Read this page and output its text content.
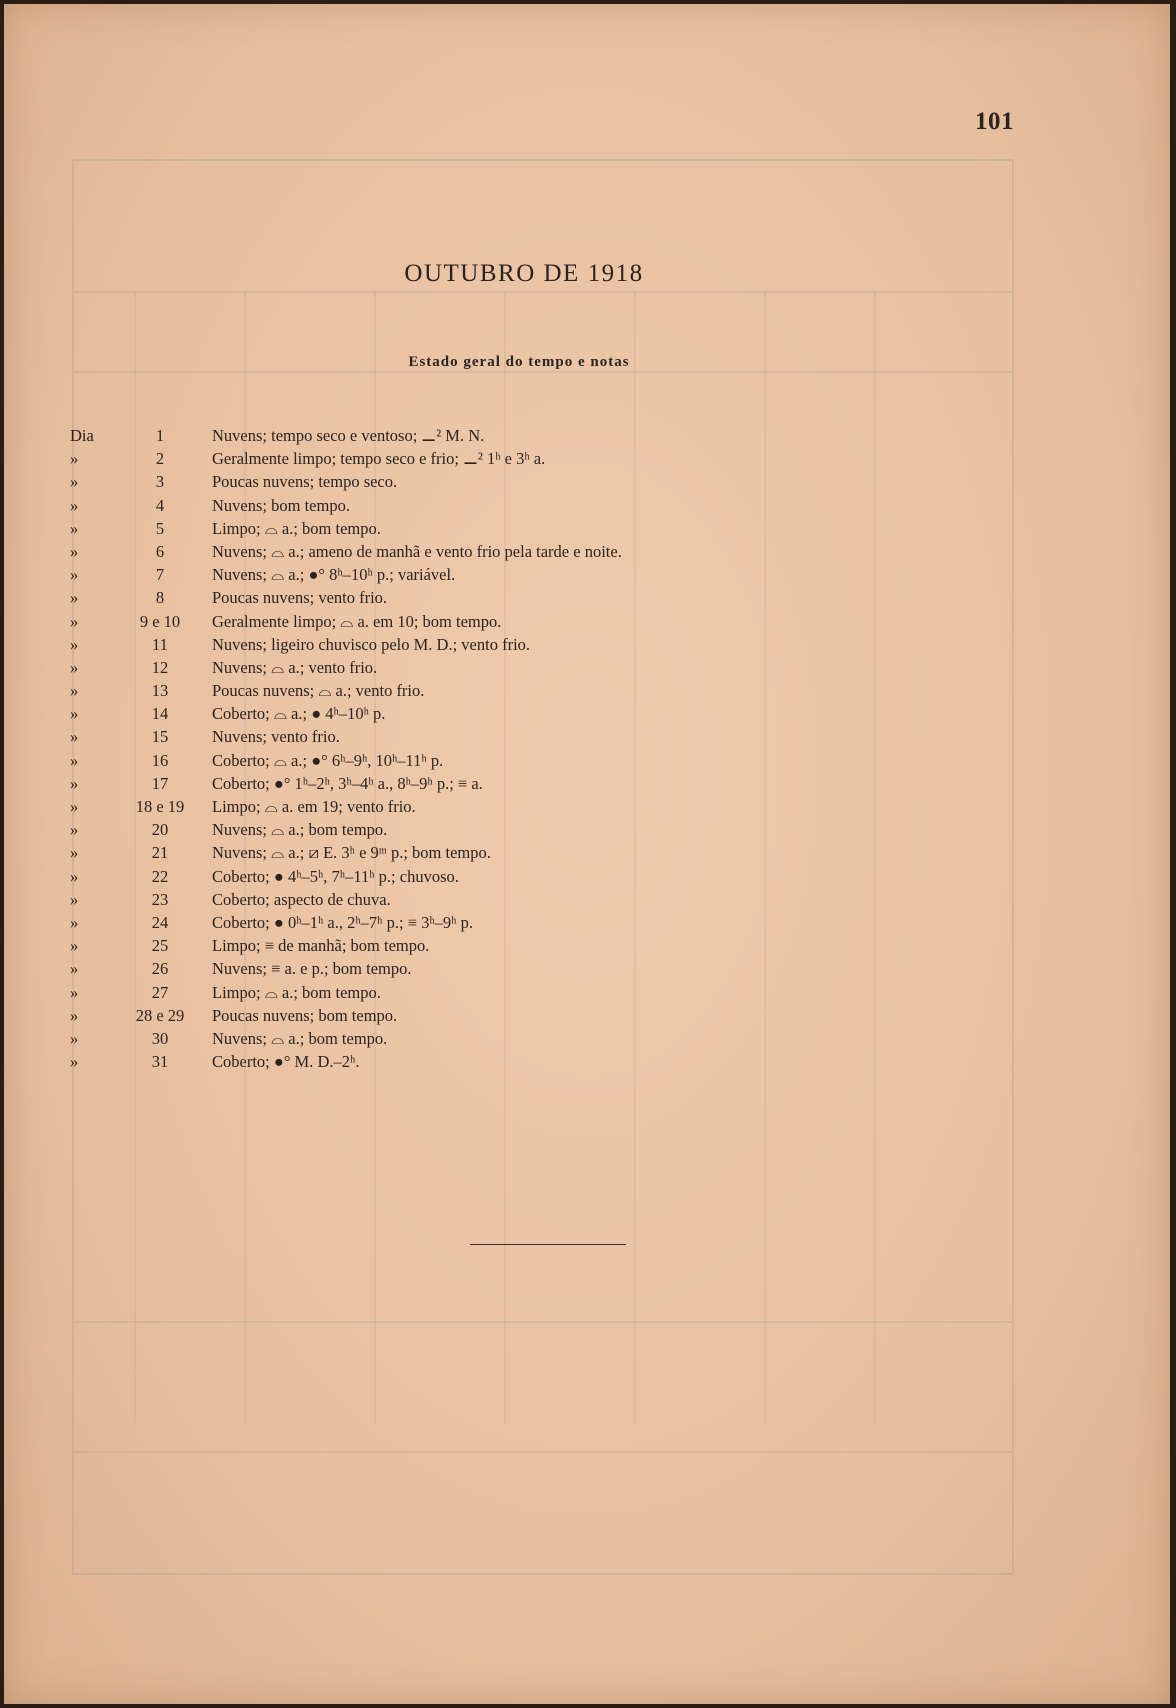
101
OUTUBRO DE 1918
Estado geral do tempo e notas
Dia	1	Nuvens; tempo seco e ventoso; ⚊² M. N.
»	2	Geralmente limpo; tempo seco e frio; ⚊² 1ʰ e 3ʰ a.
»	3	Poucas nuvens; tempo seco.
»	4	Nuvens; bom tempo.
»	5	Limpo; ⌓ a.; bom tempo.
»	6	Nuvens; ⌓ a.; ameno de manhã e vento frio pela tarde e noite.
»	7	Nuvens; ⌓ a.; ●° 8ʰ–10ʰ p.; variável.
»	8	Poucas nuvens; vento frio.
»	9 e 10	Geralmente limpo; ⌓ a. em 10; bom tempo.
»	11	Nuvens; ligeiro chuvisco pelo M. D.; vento frio.
»	12	Nuvens; ⌓ a.; vento frio.
»	13	Poucas nuvens; ⌓ a.; vento frio.
»	14	Coberto; ⌓ a.; ● 4ʰ–10ʰ p.
»	15	Nuvens; vento frio.
»	16	Coberto; ⌓ a.; ●° 6ʰ–9ʰ, 10ʰ–11ʰ p.
»	17	Coberto; ●° 1ʰ–2ʰ, 3ʰ–4ʰ a., 8ʰ–9ʰ p.; ≡ a.
»	18 e 19	Limpo; ⌓ a. em 19; vento frio.
»	20	Nuvens; ⌓ a.; bom tempo.
»	21	Nuvens; ⌓ a.; ⧄ E. 3ʰ e 9ᵐ p.; bom tempo.
»	22	Coberto; ● 4ʰ–5ʰ, 7ʰ–11ʰ p.; chuvoso.
»	23	Coberto; aspecto de chuva.
»	24	Coberto; ● 0ʰ–1ʰ a., 2ʰ–7ʰ p.; ≡ 3ʰ–9ʰ p.
»	25	Limpo; ≡ de manhã; bom tempo.
»	26	Nuvens; ≡ a. e p.; bom tempo.
»	27	Limpo; ⌓ a.; bom tempo.
»	28 e 29	Poucas nuvens; bom tempo.
»	30	Nuvens; ⌓ a.; bom tempo.
»	31	Coberto; ●° M. D.–2ʰ.
